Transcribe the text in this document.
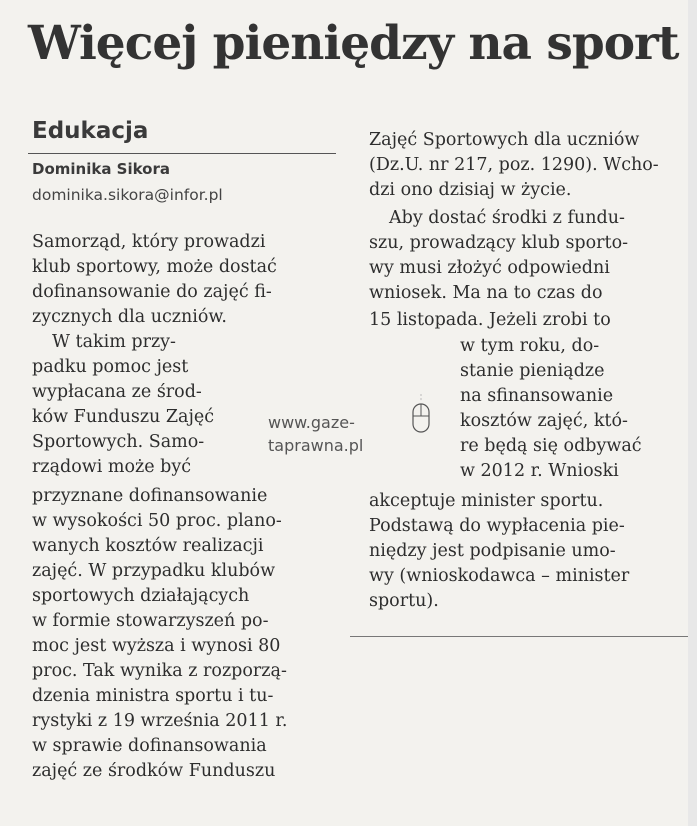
Więcej pieniędzy na sport
Edukacja
Dominika Sikora
dominika.sikora@infor.pl
Samorząd, który prowadzi
klub sportowy, może dostać
dofinansowanie do zajęć fi-
zycznych dla uczniów.
W takim przy-
padku pomoc jest
wypłacana ze środ-
ków Funduszu Zajęć
Sportowych. Samo-
rządowi może być
przyznane dofinansowanie
w wysokości 50 proc. plano-
wanych kosztów realizacji
zajęć. W przypadku klubów
sportowych działających
w formie stowarzyszeń po-
moc jest wyższa i wynosi 80
proc. Tak wynika z rozporzą-
dzenia ministra sportu i tu-
rystyki z 19 września 2011 r.
w sprawie dofinansowania
zajęć ze środków Funduszu
www.gaze-
taprawna.pl
Zajęć Sportowych dla uczniów
(Dz.U. nr 217, poz. 1290). Wcho-
dzi ono dzisiaj w życie.
Aby dostać środki z fundu-
szu, prowadzący klub sporto-
wy musi złożyć odpowiedni
wniosek. Ma na to czas do
15 listopada. Jeżeli zrobi to
w tym roku, do-
stanie pieniądze
na sfinansowanie
kosztów zajęć, któ-
re będą się odbywać
w 2012 r. Wnioski
akceptuje minister sportu.
Podstawą do wypłacenia pie-
niędzy jest podpisanie umo-
wy (wnioskodawca – minister
sportu).
